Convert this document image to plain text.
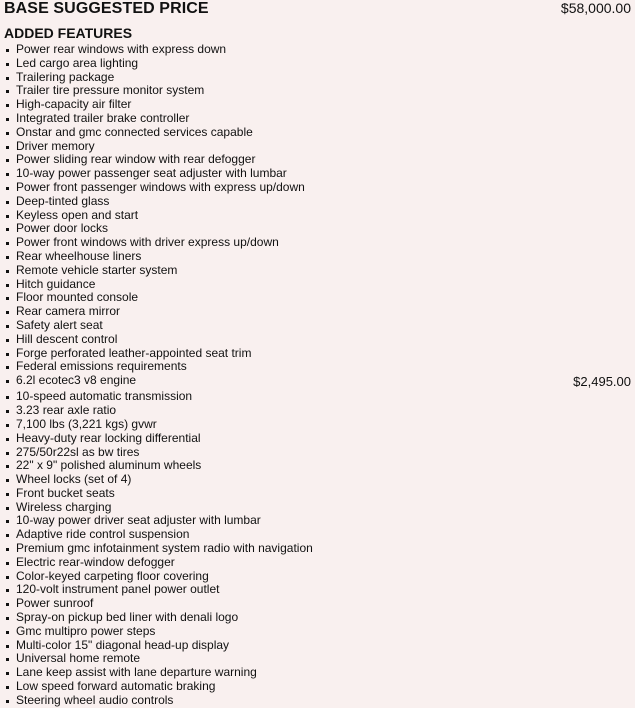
BASE SUGGESTED PRICE	$58,000.00
ADDED FEATURES
Power rear windows with express down
Led cargo area lighting
Trailering package
Trailer tire pressure monitor system
High-capacity air filter
Integrated trailer brake controller
Onstar and gmc connected services capable
Driver memory
Power sliding rear window with rear defogger
10-way power passenger seat adjuster with lumbar
Power front passenger windows with express up/down
Deep-tinted glass
Keyless open and start
Power door locks
Power front windows with driver express up/down
Rear wheelhouse liners
Remote vehicle starter system
Hitch guidance
Floor mounted console
Rear camera mirror
Safety alert seat
Hill descent control
Forge perforated leather-appointed seat trim
Federal emissions requirements
6.2l ecotec3 v8 engine	$2,495.00
10-speed automatic transmission
3.23 rear axle ratio
7,100 lbs (3,221 kgs) gvwr
Heavy-duty rear locking differential
275/50r22sl as bw tires
22" x 9" polished aluminum wheels
Wheel locks (set of 4)
Front bucket seats
Wireless charging
10-way power driver seat adjuster with lumbar
Adaptive ride control suspension
Premium gmc infotainment system radio with navigation
Electric rear-window defogger
Color-keyed carpeting floor covering
120-volt instrument panel power outlet
Power sunroof
Spray-on pickup bed liner with denali logo
Gmc multipro power steps
Multi-color 15" diagonal head-up display
Universal home remote
Lane keep assist with lane departure warning
Low speed forward automatic braking
Steering wheel audio controls
